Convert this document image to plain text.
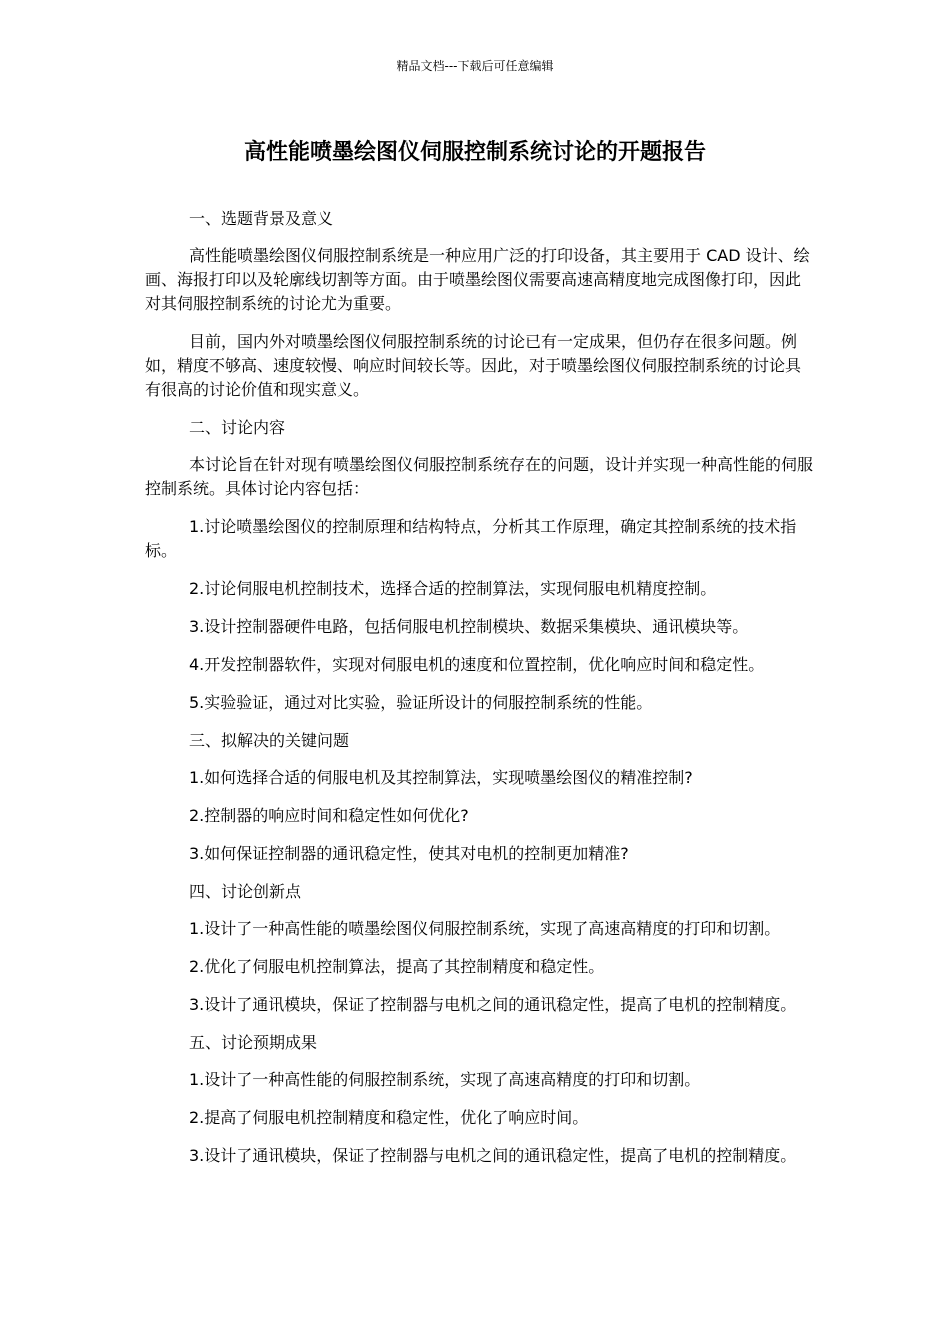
精品文档---下载后可任意编辑
高性能喷墨绘图仪伺服控制系统讨论的开题报告

一、选题背景及意义

高性能喷墨绘图仪伺服控制系统是一种应用广泛的打印设备，其主要用于 CAD 设计、绘画、海报打印以及轮廓线切割等方面。由于喷墨绘图仪需要高速高精度地完成图像打印，因此对其伺服控制系统的讨论尤为重要。

目前，国内外对喷墨绘图仪伺服控制系统的讨论已有一定成果，但仍存在很多问题。例如，精度不够高、速度较慢、响应时间较长等。因此，对于喷墨绘图仪伺服控制系统的讨论具有很高的讨论价值和现实意义。

二、讨论内容

本讨论旨在针对现有喷墨绘图仪伺服控制系统存在的问题，设计并实现一种高性能的伺服控制系统。具体讨论内容包括：

1.讨论喷墨绘图仪的控制原理和结构特点，分析其工作原理，确定其控制系统的技术指标。

2.讨论伺服电机控制技术，选择合适的控制算法，实现伺服电机精度控制。

3.设计控制器硬件电路，包括伺服电机控制模块、数据采集模块、通讯模块等。

4.开发控制器软件，实现对伺服电机的速度和位置控制，优化响应时间和稳定性。

5.实验验证，通过对比实验，验证所设计的伺服控制系统的性能。

三、拟解决的关键问题

1.如何选择合适的伺服电机及其控制算法，实现喷墨绘图仪的精准控制?

2.控制器的响应时间和稳定性如何优化?

3.如何保证控制器的通讯稳定性，使其对电机的控制更加精准?

四、讨论创新点

1.设计了一种高性能的喷墨绘图仪伺服控制系统，实现了高速高精度的打印和切割。

2.优化了伺服电机控制算法，提高了其控制精度和稳定性。

3.设计了通讯模块，保证了控制器与电机之间的通讯稳定性，提高了电机的控制精度。

五、讨论预期成果

1.设计了一种高性能的伺服控制系统，实现了高速高精度的打印和切割。

2.提高了伺服电机控制精度和稳定性，优化了响应时间。

3.设计了通讯模块，保证了控制器与电机之间的通讯稳定性，提高了电机的控制精度。
